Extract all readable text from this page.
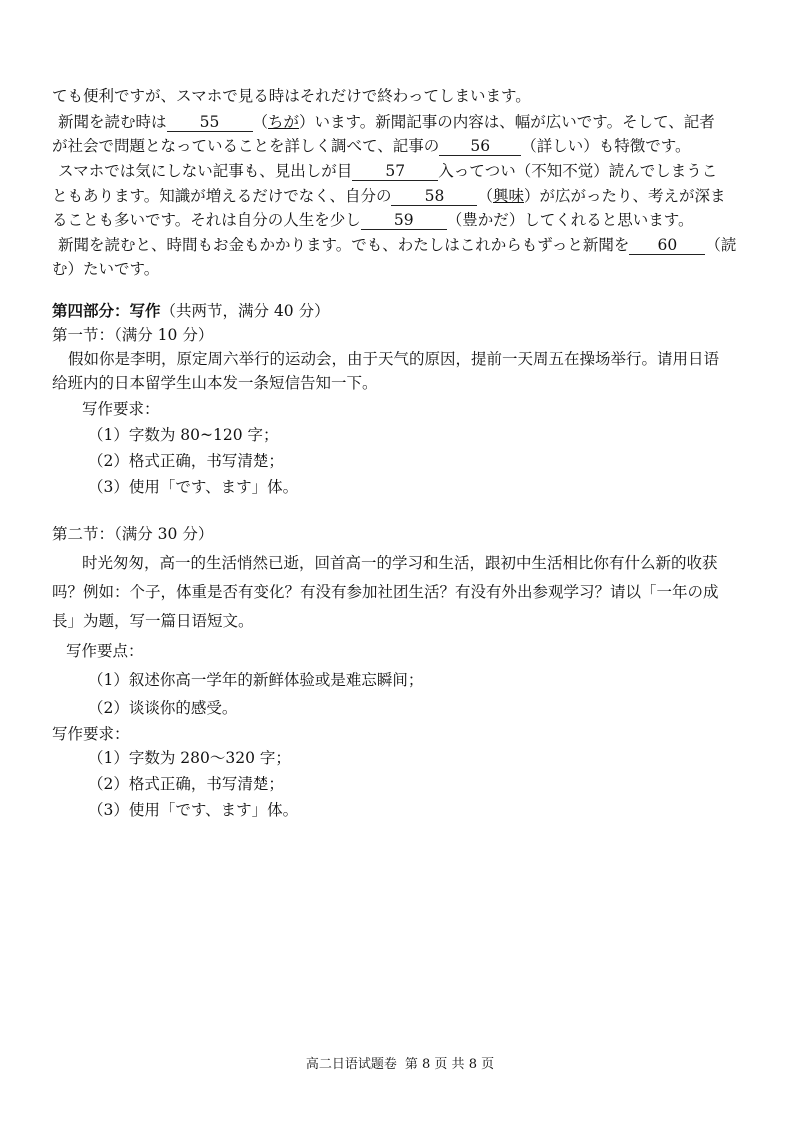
ても便利ですが、スマホで見る時はそれだけで終わってしまいます。
新聞を読む時は 55 （ちが）います。新聞記事の内容は、幅が広いです。そして、記者
が社会で問題となっていることを詳しく調べて、記事の 56 （詳しい）も特徴です。
スマホでは気にしない記事も、見出しが目 57 入ってつい（不知不觉）読んでしまうこ
ともあります。知識が増えるだけでなく、自分の 58 （興味）が広がったり、考えが深ま
ることも多いです。それは自分の人生を少し 59 （豊かだ）してくれると思います。
新聞を読むと、時間もお金もかかります。でも、わたしはこれからもずっと新聞を 60 （読
む）たいです。
第四部分：写作（共两节，满分 40 分）
第一节：（满分 10 分）
假如你是李明，原定周六举行的运动会，由于天气的原因，提前一天周五在操场举行。请用日语
给班内的日本留学生山本发一条短信告知一下。
写作要求：
（1）字数为 80~120 字；
（2）格式正确，书写清楚；
（3）使用「です、ます」体。
第二节：（满分 30 分）
时光匆匆，高一的生活悄然已逝，回首高一的学习和生活，跟初中生活相比你有什么新的收获
吗？例如：个子，体重是否有变化？有没有参加社团生活？有没有外出参观学习？请以「一年の成
長」为题，写一篇日语短文。
写作要点：
（1）叙述你高一学年的新鲜体验或是难忘瞬间；
（2）谈谈你的感受。
写作要求：
（1）字数为 280～320 字；
（2）格式正确，书写清楚；
（3）使用「です、ます」体。
高二日语试题卷 第 8 页 共 8 页
